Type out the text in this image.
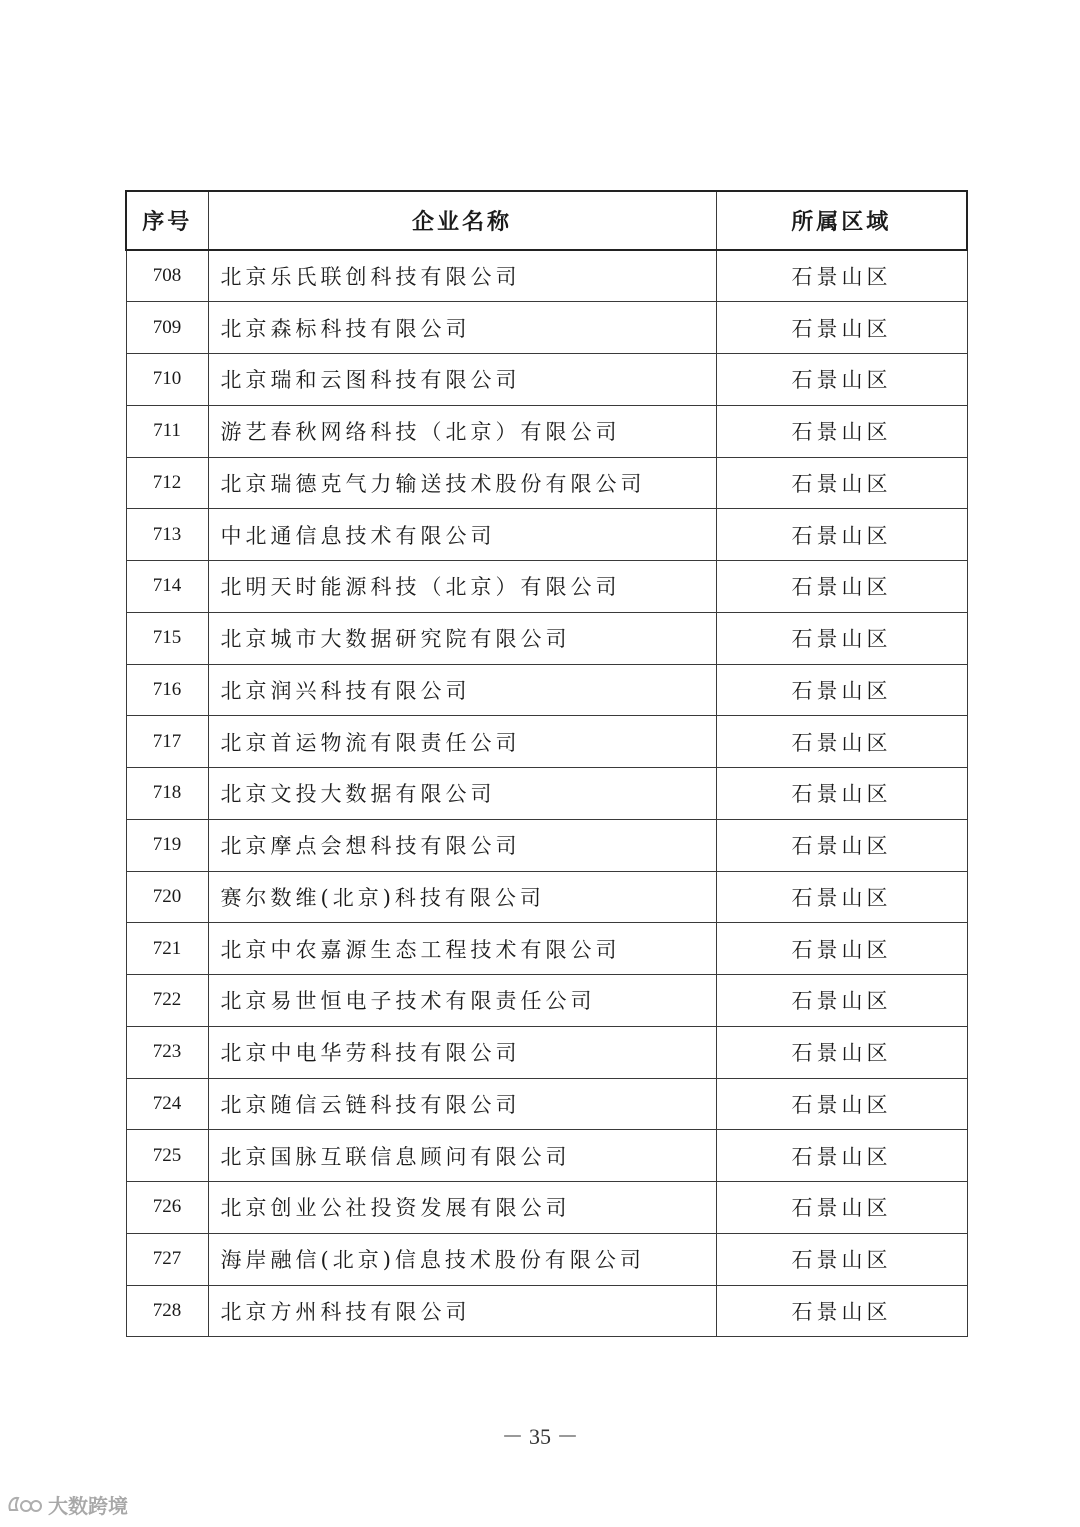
序号	企业名称	所属区域
708	北京乐氏联创科技有限公司	石景山区
709	北京森标科技有限公司	石景山区
710	北京瑞和云图科技有限公司	石景山区
711	游艺春秋网络科技（北京）有限公司	石景山区
712	北京瑞德克气力输送技术股份有限公司	石景山区
713	中北通信息技术有限公司	石景山区
714	北明天时能源科技（北京）有限公司	石景山区
715	北京城市大数据研究院有限公司	石景山区
716	北京润兴科技有限公司	石景山区
717	北京首运物流有限责任公司	石景山区
718	北京文投大数据有限公司	石景山区
719	北京摩点会想科技有限公司	石景山区
720	赛尔数维(北京)科技有限公司	石景山区
721	北京中农嘉源生态工程技术有限公司	石景山区
722	北京易世恒电子技术有限责任公司	石景山区
723	北京中电华劳科技有限公司	石景山区
724	北京随信云链科技有限公司	石景山区
725	北京国脉互联信息顾问有限公司	石景山区
726	北京创业公社投资发展有限公司	石景山区
727	海岸融信(北京)信息技术股份有限公司	石景山区
728	北京方州科技有限公司	石景山区
－ 35 －
大数跨境
